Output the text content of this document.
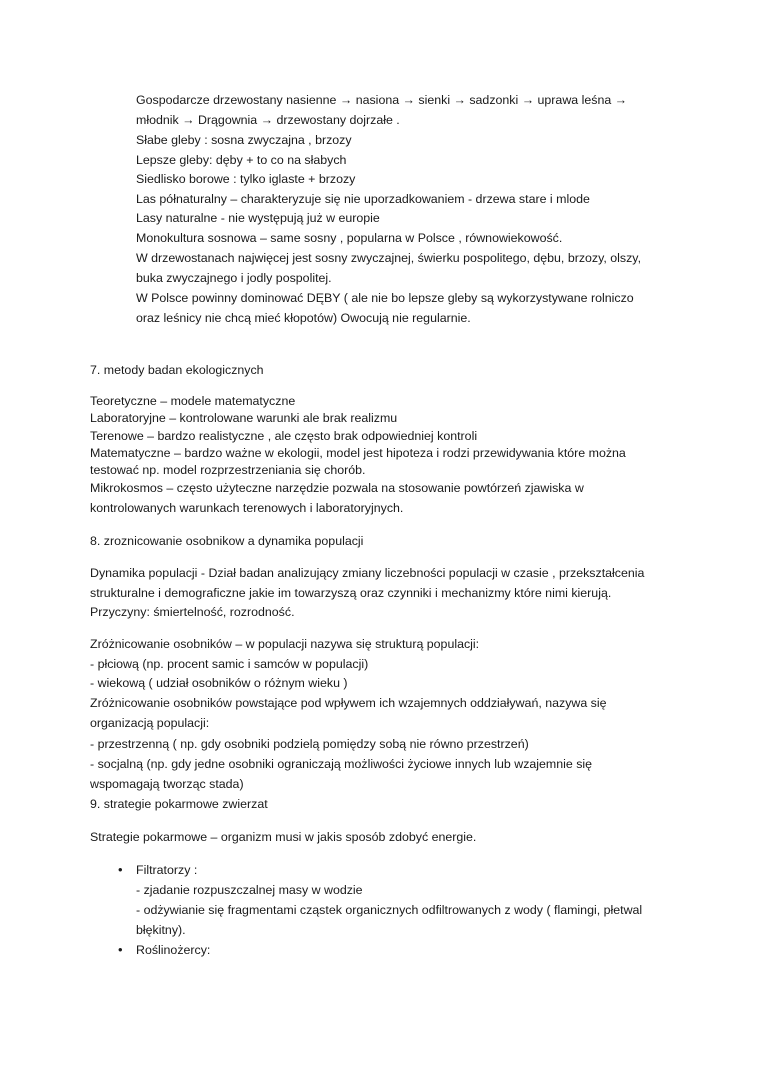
Gospodarcze drzewostany nasienne → nasiona → sienki → sadzonki → uprawa leśna →
młodnik → Drągownia → drzewostany dojrzałe .
Słabe gleby : sosna zwyczajna , brzozy
Lepsze gleby: dęby + to co na słabych
Siedlisko borowe : tylko iglaste + brzozy
Las półnaturalny – charakteryzuje się nie uporzadkowaniem - drzewa stare i mlode
Lasy naturalne - nie występują już w europie
Monokultura sosnowa – same sosny , popularna w Polsce , równowiekowość.
W drzewostanach najwięcej jest sosny zwyczajnej, świerku pospolitego, dębu, brzozy, olszy,
buka zwyczajnego i jodly pospolitej.
W Polsce powinny dominować DĘBY ( ale nie bo lepsze gleby są wykorzystywane rolniczo
oraz leśnicy nie chcą mieć kłopotów) Owocują nie regularnie.
7. metody badan ekologicznych
Teoretyczne – modele matematyczne
Laboratoryjne – kontrolowane warunki ale brak realizmu
Terenowe – bardzo realistyczne , ale często brak odpowiedniej kontroli
Matematyczne – bardzo ważne w ekologii, model jest hipoteza i rodzi przewidywania które można
testować np. model rozprzestrzeniania się chorób.
Mikrokosmos – często użyteczne narzędzie pozwala na stosowanie powtórzeń zjawiska w
kontrolowanych warunkach terenowych i laboratoryjnych.
8. zroznicowanie osobnikow a dynamika populacji
Dynamika populacji - Dział badan analizujący zmiany liczebności populacji w czasie , przekształcenia
strukturalne i demograficzne jakie im towarzyszą oraz czynniki i mechanizmy które nimi kierują.
Przyczyny: śmiertelność, rozrodność.
Zróżnicowanie osobników – w populacji nazywa się strukturą populacji:
- płciową (np. procent samic i samców w populacji)
- wiekową ( udział osobników o różnym wieku )
Zróżnicowanie osobników powstające pod wpływem ich wzajemnych oddziaływań, nazywa się
organizacją populacji:
- przestrzenną ( np. gdy osobniki podzielą pomiędzy sobą nie równo przestrzeń)
- socjalną (np. gdy jedne osobniki ograniczają możliwości życiowe innych lub wzajemnie się
wspomagają tworząc stada)
9. strategie pokarmowe zwierzat
Strategie pokarmowe – organizm musi w jakis sposób zdobyć energie.
• Filtratorzy :
- zjadanie rozpuszczalnej masy w wodzie
- odżywianie się fragmentami cząstek organicznych odfiltrowanych z wody ( flamingi, płetwal
błękitny).
• Roślinożercy:
